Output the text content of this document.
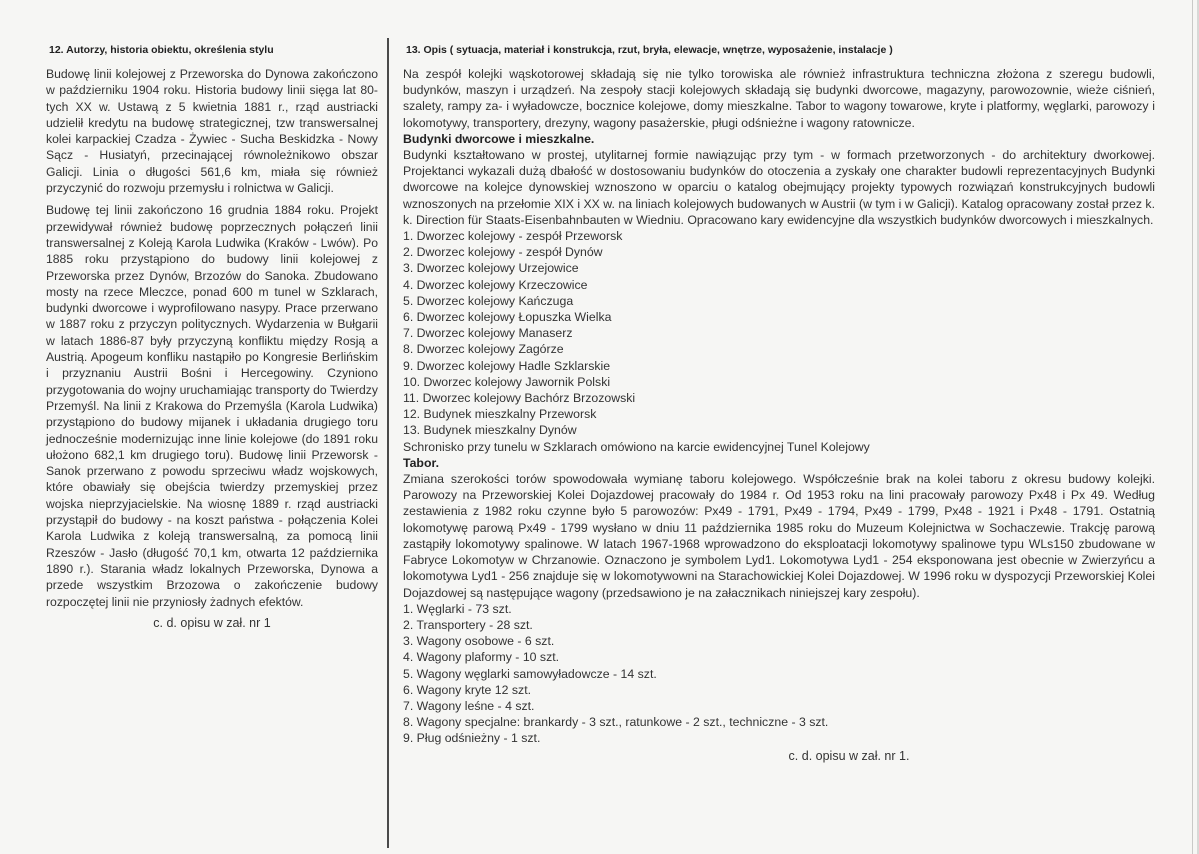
12. Autorzy, historia obiektu, określenia stylu

Budowę linii kolejowej z Przeworska do Dynowa zakończono w październiku 1904 roku. Historia budowy linii sięga lat 80-tych XX w. Ustawą z 5 kwietnia 1881 r., rząd austriacki udzielił kredytu na budowę strategicznej, tzw transwersalnej kolei karpackiej Czadza - Żywiec - Sucha Beskidzka - Nowy Sącz - Husiatyń, przecinającej równoleżnikowo obszar Galicji. Linia o długości 561,6 km, miała się również przyczynić do rozwoju przemysłu i rolnictwa w Galicji.

Budowę tej linii zakończono 16 grudnia 1884 roku. Projekt przewidywał również budowę poprzecznych połączeń linii transwersalnej z Koleją Karola Ludwika (Kraków - Lwów). Po 1885 roku przystąpiono do budowy linii kolejowej z Przeworska przez Dynów, Brzozów do Sanoka. Zbudowano mosty na rzece Mleczce, ponad 600 m tunel w Szklarach, budynki dworcowe i wyprofilowano nasypy. Prace przerwano w 1887 roku z przyczyn politycznych. Wydarzenia w Bułgarii w latach 1886-87 były przyczyną konfliktu między Rosją a Austrią. Apogeum konfliku nastąpiło po Kongresie Berlińskim i przyznaniu Austrii Bośni i Hercegowiny. Czyniono przygotowania do wojny uruchamiając transporty do Twierdzy Przemyśl. Na linii z Krakowa do Przemyśla (Karola Ludwika) przystąpiono do budowy mijanek i układania drugiego toru jednocześnie modernizując inne linie kolejowe (do 1891 roku ułożono 682,1 km drugiego toru). Budowę linii Przeworsk - Sanok przerwano z powodu sprzeciwu władz wojskowych, które obawiały się obejścia twierdzy przemyskiej przez wojska nieprzyjacielskie. Na wiosnę 1889 r. rząd austriacki przystąpił do budowy - na koszt państwa - połączenia Kolei Karola Ludwika z koleją transwersalną, za pomocą linii Rzeszów - Jasło (długość 70,1 km, otwarta 12 października 1890 r.). Starania władz lokalnych Przeworska, Dynowa a przede wszystkim Brzozowa o zakończenie budowy rozpoczętej linii nie przyniosły żadnych efektów.

c. d. opisu w zał. nr 1
13. Opis ( sytuacja, materiał i konstrukcja, rzut, bryła, elewacje, wnętrze, wyposażenie, instalacje )

Na zespół kolejki wąskotorowej składają się nie tylko torowiska ale również infrastruktura techniczna złożona z szeregu budowli, budynków, maszyn i urządzeń. Na zespoły stacji kolejowych składają się budynki dworcowe, magazyny, parowozownie, wieże ciśnień, szalety, rampy za- i wyładowcze, bocznice kolejowe, domy mieszkalne. Tabor to wagony towarowe, kryte i platformy, węglarki, parowozy i lokomotywy, transportery, drezyny, wagony pasażerskie, pługi odśnieżne i wagony ratownicze.

Budynki dworcowe i mieszkalne.

Budynki kształtowano w prostej, utylitarnej formie nawiązując przy tym - w formach przetworzonych - do architektury dworkowej. Projektanci wykazali dużą dbałość w dostosowaniu budynków do otoczenia a zyskały one charakter budowli reprezentacyjnych Budynki dworcowe na kolejce dynowskiej wznoszono w oparciu o katalog obejmujący projekty typowych rozwiązań konstrukcyjnych budowli wznoszonych na przełomie XIX i XX w. na liniach kolejowych budowanych w Austrii (w tym i w Galicji). Katalog opracowany został przez k. k. Direction für Staats-Eisenbahnbauten w Wiedniu. Opracowano kary ewidencyjne dla wszystkich budynków dworcowych i mieszkalnych.

1. Dworzec kolejowy - zespół Przeworsk
2. Dworzec kolejowy - zespół Dynów
3. Dworzec kolejowy Urzejowice
4. Dworzec kolejowy Krzeczowice
5. Dworzec kolejowy Kańczuga
6. Dworzec kolejowy Łopuszka Wielka
7. Dworzec kolejowy Manaserz
8. Dworzec kolejowy Zagórze
9. Dworzec kolejowy Hadle Szklarskie
10. Dworzec kolejowy Jawornik Polski
11. Dworzec kolejowy Bachórz Brzozowski
12. Budynek mieszkalny Przeworsk
13. Budynek mieszkalny Dynów

Schronisko przy tunelu w Szklarach omówiono na karcie ewidencyjnej Tunel Kolejowy

Tabor.

Zmiana szerokości torów spowodowała wymianę taboru kolejowego. Współcześnie brak na kolei taboru z okresu budowy kolejki. Parowozy na Przeworskiej Kolei Dojazdowej pracowały do 1984 r. Od 1953 roku na lini pracowały parowozy Px48 i Px 49. Według zestawienia z 1982 roku czynne było 5 parowozów: Px49 - 1791, Px49 - 1794, Px49 - 1799, Px48 - 1921 i Px48 - 1791. Ostatnią lokomotywę parową Px49 - 1799 wysłano w dniu 11 października 1985 roku do Muzeum Kolejnictwa w Sochaczewie. Trakcję parową zastąpiły lokomotywy spalinowe. W latach 1967-1968 wprowadzono do eksploatacji lokomotywy spalinowe typu WLs150 zbudowane w Fabryce Lokomotyw w Chrzanowie. Oznaczono je symbolem Lyd1. Lokomotywa Lyd1 - 254 eksponowana jest obecnie w Zwierzyńcu a lokomotywa Lyd1 - 256 znajduje się w lokomotywowni na Starachowickiej Kolei Dojazdowej. W 1996 roku w dyspozycji Przeworskiej Kolei Dojazdowej są następujące wagony (przedsawiono je na załacznikach niniejszej kary zespołu).

1. Węglarki - 73 szt.
2. Transportery - 28 szt.
3. Wagony osobowe - 6 szt.
4. Wagony plaformy - 10 szt.
5. Wagony węglarki samowyładowcze - 14 szt.
6. Wagony kryte 12 szt.
7. Wagony leśne - 4 szt.
8. Wagony specjalne: brankardy - 3 szt., ratunkowe - 2 szt., techniczne - 3 szt.
9. Pług odśnieżny - 1 szt.
c. d. opisu w zał. nr 1.
